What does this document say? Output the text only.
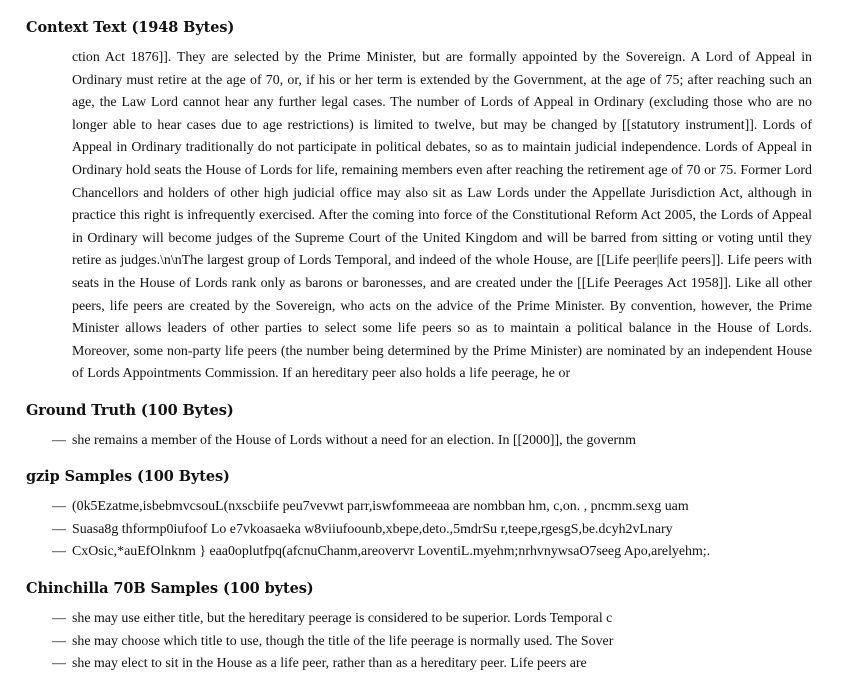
Context Text (1948 Bytes)

ction Act 1876]]. They are selected by the Prime Minister, but are formally appointed by the Sovereign. A Lord of Appeal in Ordinary must retire at the age of 70, or, if his or her term is extended by the Government, at the age of 75; after reaching such an age, the Law Lord cannot hear any further legal cases. The number of Lords of Appeal in Ordinary (excluding those who are no longer able to hear cases due to age restrictions) is limited to twelve, but may be changed by [[statutory instrument]]. Lords of Appeal in Ordinary traditionally do not participate in political debates, so as to maintain judicial independence. Lords of Appeal in Ordinary hold seats the House of Lords for life, remaining members even after reaching the retirement age of 70 or 75. Former Lord Chancellors and holders of other high judicial office may also sit as Law Lords under the Appellate Jurisdiction Act, although in practice this right is infrequently exercised. After the coming into force of the Constitutional Reform Act 2005, the Lords of Appeal in Ordinary will become judges of the Supreme Court of the United Kingdom and will be barred from sitting or voting until they retire as judges.\n\nThe largest group of Lords Temporal, and indeed of the whole House, are [[Life peer|life peers]]. Life peers with seats in the House of Lords rank only as barons or baronesses, and are created under the [[Life Peerages Act 1958]]. Like all other peers, life peers are created by the Sovereign, who acts on the advice of the Prime Minister. By convention, however, the Prime Minister allows leaders of other parties to select some life peers so as to maintain a political balance in the House of Lords. Moreover, some non-party life peers (the number being determined by the Prime Minister) are nominated by an independent House of Lords Appointments Commission. If an hereditary peer also holds a life peerage, he or

Ground Truth (100 Bytes)
— she remains a member of the House of Lords without a need for an election. In [[2000]], the governm
gzip Samples (100 Bytes)
— (0k5Ezatme,isbebmvcsouL(nxscbiife peu7vevwt parr,iswfommeeaa are nombban hm, c,on. , pncmm.sexg uam
— Suasa8g thformp0iufoof Lo e7vkoasaeka w8viiufoounb,xbepe,deto.,5mdrSu r,teepe,rgesgS,be.dcyh2vLnary
— CxOsic,*auEfOlnknm } eaa0oplutfpq(afcnuChanm,areovervr LoventiL.myehm;nrhvnywsaO7seeg Apo,arelyehm;.
Chinchilla 70B Samples (100 bytes)
— she may use either title, but the hereditary peerage is considered to be superior. Lords Temporal c
— she may choose which title to use, though the title of the life peerage is normally used. The Sover
— she may elect to sit in the House as a life peer, rather than as a hereditary peer. Life peers are
